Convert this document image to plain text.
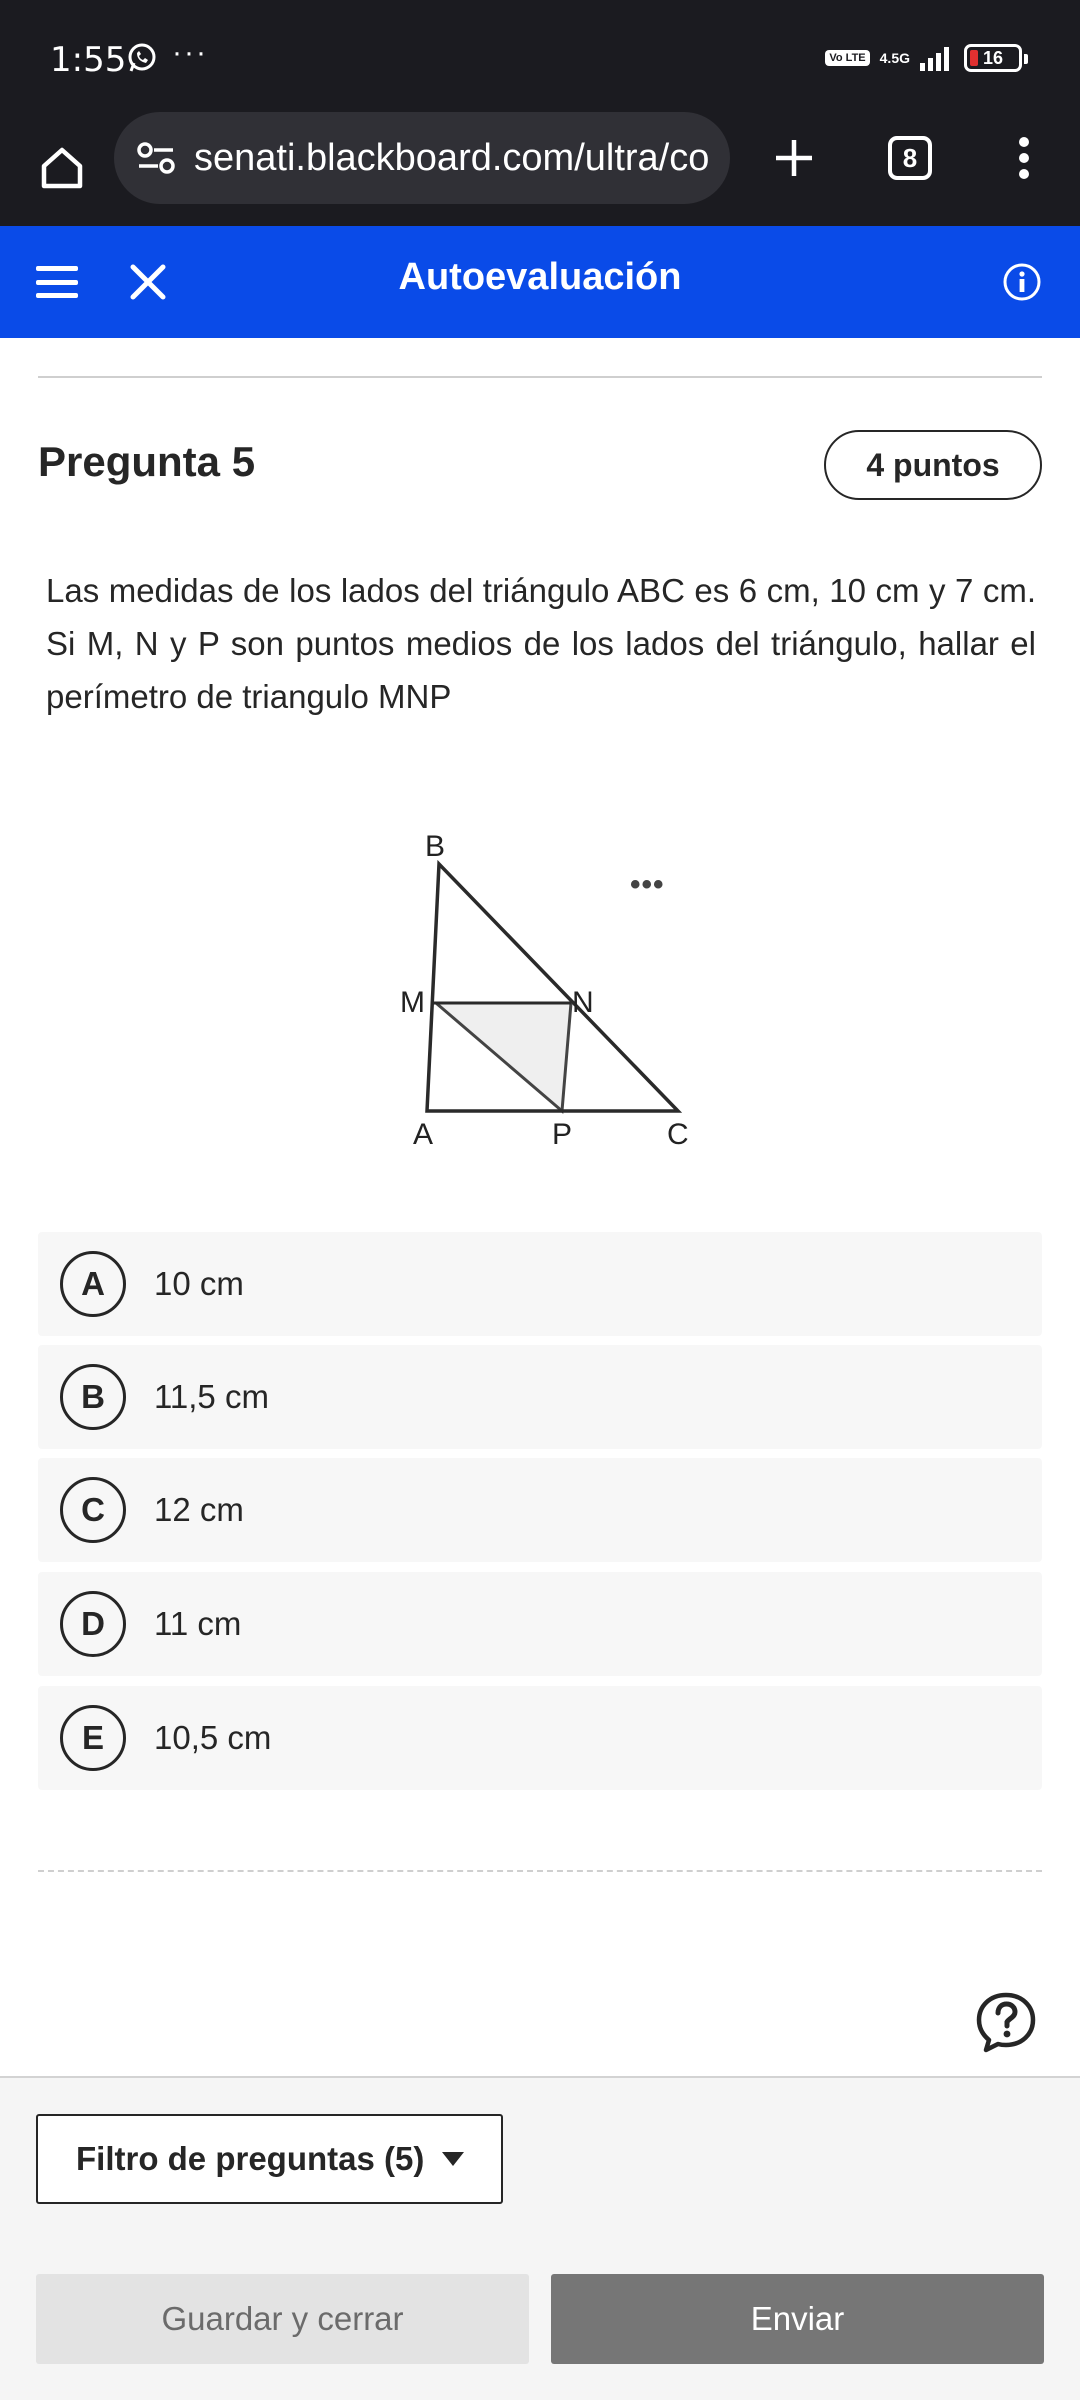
1:55 ···	Vo LTE 4.5G	16
senati.blackboard.com/ultra/co	8
Autoevaluación
Pregunta 5	4 puntos
Las medidas de los lados del triángulo ABC es 6 cm, 10 cm y 7 cm. Si M, N y P son puntos medios de los lados del triángulo, hallar el perímetro de triangulo MNP
B
M	N
A	P	C
•••
A	10 cm
B	11,5 cm
C	12 cm
D	11 cm
E	10,5 cm
Filtro de preguntas (5)
Guardar y cerrar	Enviar
